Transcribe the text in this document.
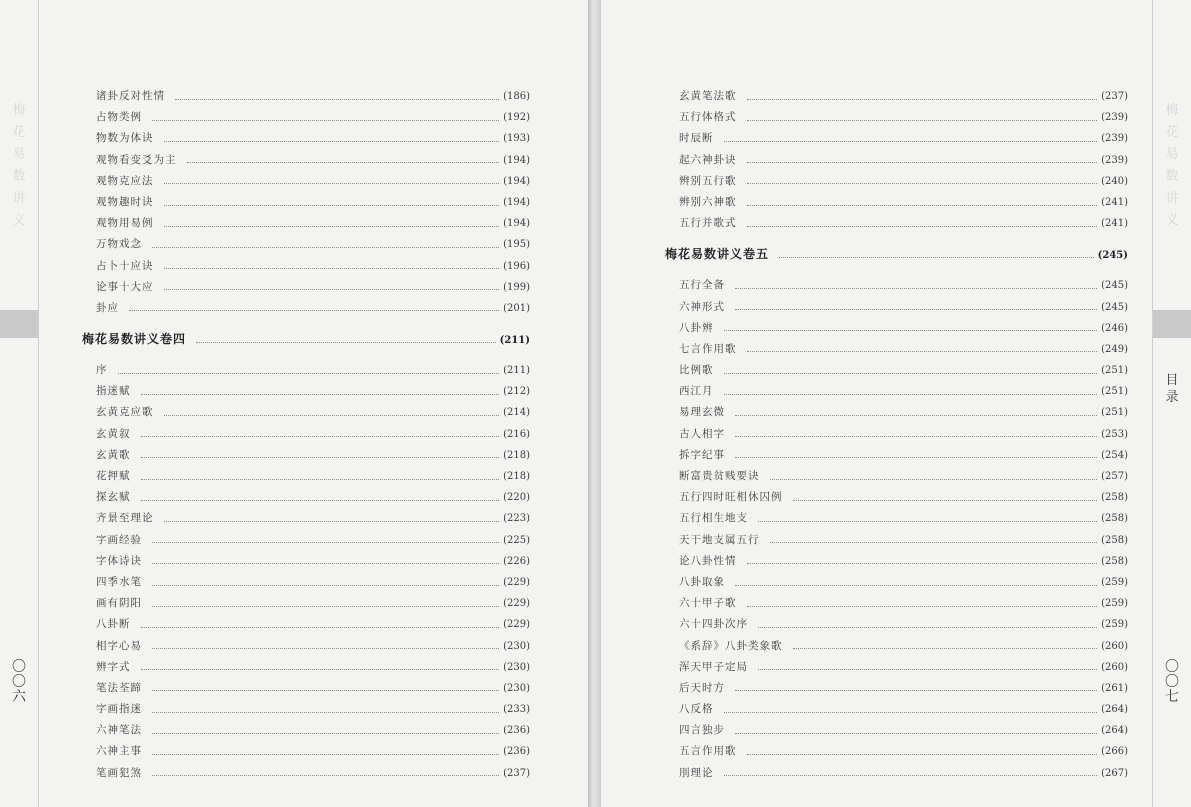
梅
花
易
数
讲
义
〇
〇
六
诸卦反对性情	(186)
占物类例	(192)
物数为体诀	(193)
观物看变爻为主	(194)
观物克应法	(194)
观物趣时诀	(194)
观物用易例	(194)
万物戏念	(195)
占卜十应诀	(196)
论事十大应	(199)
卦应	(201)
梅花易数讲义卷四	(211)
序	(211)
指迷赋	(212)
玄黄克应歌	(214)
玄黄叙	(216)
玄黄歌	(218)
花押赋	(218)
探玄赋	(220)
齐景至理论	(223)
字画经验	(225)
字体诗诀	(226)
四季水笔	(229)
画有阴阳	(229)
八卦断	(229)
相字心易	(230)
辨字式	(230)
笔法荃蹄	(230)
字画指迷	(233)
六神笔法	(236)
六神主事	(236)
笔画犯煞	(237)
梅
花
易
数
讲
义
目
录
〇
〇
七
玄黄笔法歌	(237)
五行体格式	(239)
时辰断	(239)
起六神卦诀	(239)
辨别五行歌	(240)
辨别六神歌	(241)
五行并歌式	(241)
梅花易数讲义卷五	(245)
五行全备	(245)
六神形式	(245)
八卦辨	(246)
七言作用歌	(249)
比例歌	(251)
西江月	(251)
易理玄微	(251)
古人相字	(253)
拆字纪事	(254)
断富贵贫贱要诀	(257)
五行四时旺相休囚例	(258)
五行相生地支	(258)
天干地支属五行	(258)
论八卦性情	(258)
八卦取象	(259)
六十甲子歌	(259)
六十四卦次序	(259)
《系辞》八卦类象歌	(260)
浑天甲子定局	(260)
后天时方	(261)
八反格	(264)
四言独步	(264)
五言作用歌	(266)
刖理论	(267)
